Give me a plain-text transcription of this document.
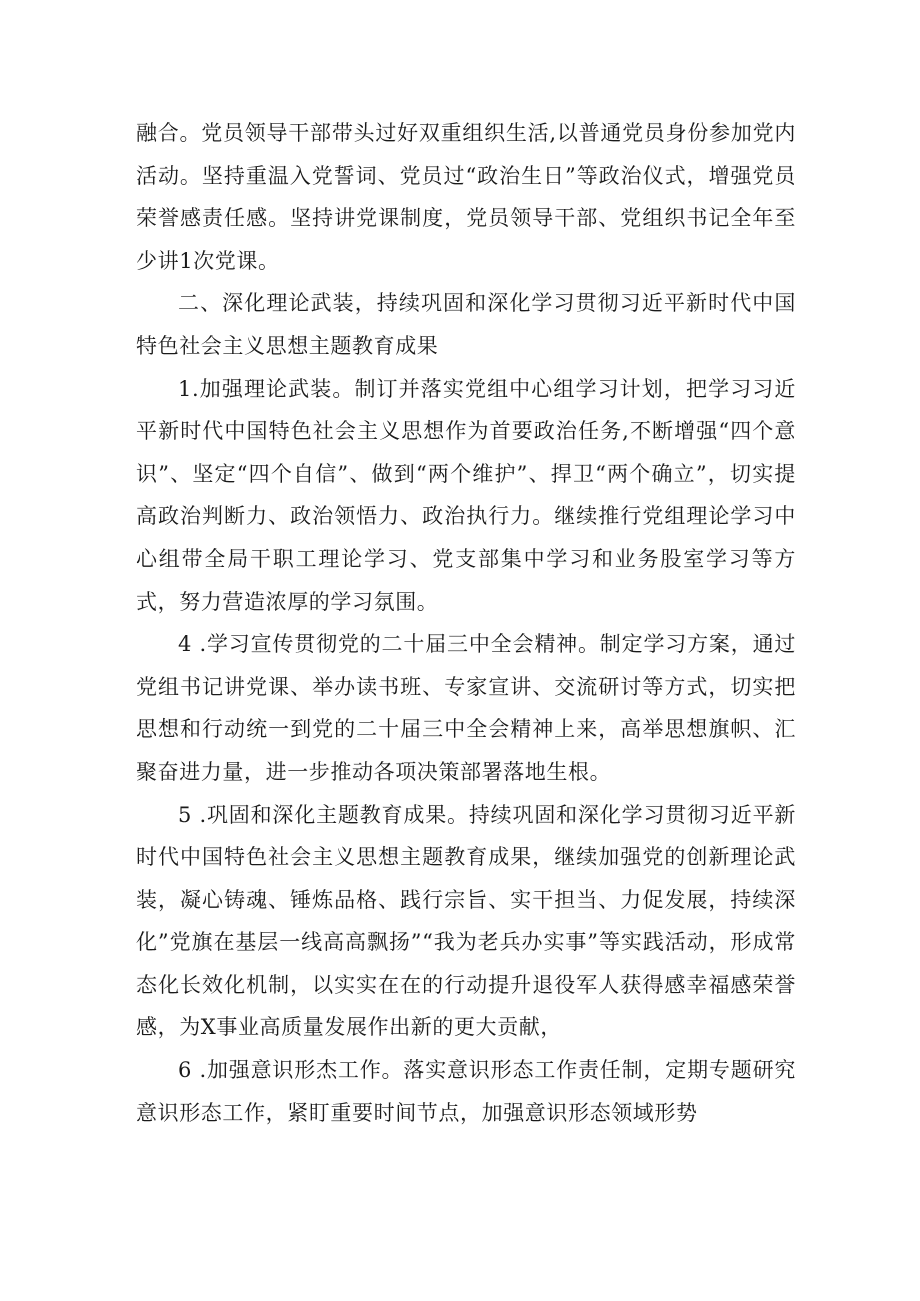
融合。党员领导干部带头过好双重组织生活,以普通党员身份参加党内活动。坚持重温入党誓词、党员过“政治生日”等政治仪式，增强党员荣誉感责任感。坚持讲党课制度，党员领导干部、党组织书记全年至少讲1次党课。

二、深化理论武装，持续巩固和深化学习贯彻习近平新时代中国特色社会主义思想主题教育成果

1.加强理论武装。制订并落实党组中心组学习计划，把学习习近平新时代中国特色社会主义思想作为首要政治任务,不断增强“四个意识”、坚定“四个自信”、做到“两个维护”、捍卫“两个确立”，切实提高政治判断力、政治领悟力、政治执行力。继续推行党组理论学习中心组带全局干职工理论学习、党支部集中学习和业务股室学习等方式，努力营造浓厚的学习氛围。

4 .学习宣传贯彻党的二十届三中全会精神。制定学习方案，通过党组书记讲党课、举办读书班、专家宣讲、交流研讨等方式，切实把思想和行动统一到党的二十届三中全会精神上来，高举思想旗帜、汇聚奋进力量，进一步推动各项决策部署落地生根。

5 .巩固和深化主题教育成果。持续巩固和深化学习贯彻习近平新时代中国特色社会主义思想主题教育成果，继续加强党的创新理论武装，凝心铸魂、锤炼品格、践行宗旨、实干担当、力促发展，持续深化”党旗在基层一线高高飘扬”“我为老兵办实事”等实践活动，形成常态化长效化机制，以实实在在的行动提升退役军人获得感幸福感荣誉感，为X事业高质量发展作出新的更大贡献，

6 .加强意识形杰工作。落实意识形态工作责任制，定期专题研究意识形态工作，紧盯重要时间节点，加强意识形态领域形势
